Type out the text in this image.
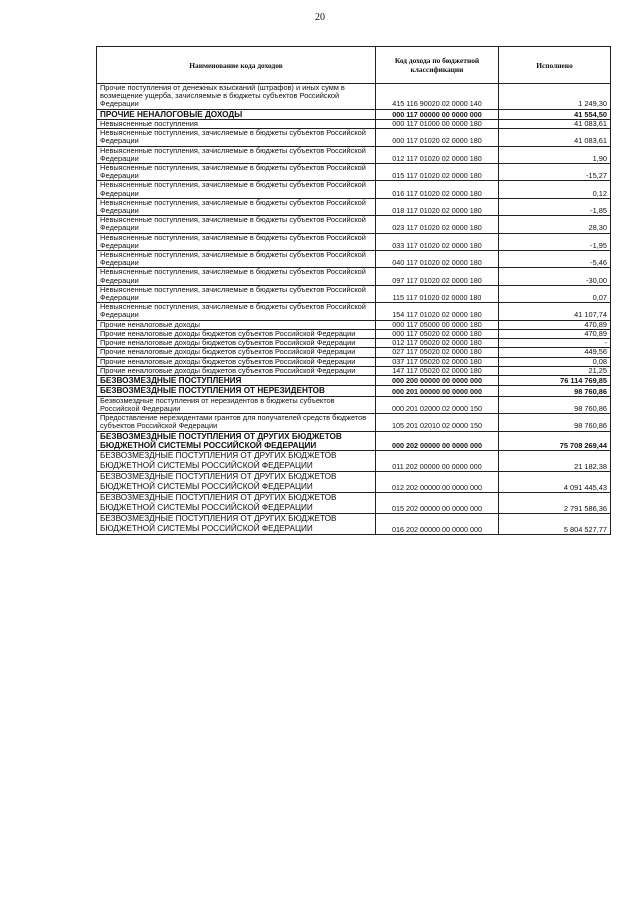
20
Наименование кода доходов	Код дохода по бюджетной классификации	Исполнено
Прочие поступления от денежных взысканий (штрафов) и иных сумм в возмещение ущерба, зачисляемые в бюджеты субъектов Российской Федерации	415 116 90020 02 0000 140	1 249,30
ПРОЧИЕ НЕНАЛОГОВЫЕ ДОХОДЫ	000 117 00000 00 0000 000	41 554,50
Невыясненные поступления	000 117 01000 00 0000 180	41 083,61
Невыясненные поступления, зачисляемые в бюджеты субъектов Российской Федерации	000 117 01020 02 0000 180	41 083,61
Невыясненные поступления, зачисляемые в бюджеты субъектов Российской Федерации	012 117 01020 02 0000 180	1,90
Невыясненные поступления, зачисляемые в бюджеты субъектов Российской Федерации	015 117 01020 02 0000 180	-15,27
Невыясненные поступления, зачисляемые в бюджеты субъектов Российской Федерации	016 117 01020 02 0000 180	0,12
Невыясненные поступления, зачисляемые в бюджеты субъектов Российской Федерации	018 117 01020 02 0000 180	-1,85
Невыясненные поступления, зачисляемые в бюджеты субъектов Российской Федерации	023 117 01020 02 0000 180	28,30
Невыясненные поступления, зачисляемые в бюджеты субъектов Российской Федерации	033 117 01020 02 0000 180	-1,95
Невыясненные поступления, зачисляемые в бюджеты субъектов Российской Федерации	040 117 01020 02 0000 180	-5,46
Невыясненные поступления, зачисляемые в бюджеты субъектов Российской Федерации	097 117 01020 02 0000 180	-30,00
Невыясненные поступления, зачисляемые в бюджеты субъектов Российской Федерации	115 117 01020 02 0000 180	0,07
Невыясненные поступления, зачисляемые в бюджеты субъектов Российской Федерации	154 117 01020 02 0000 180	41 107,74
Прочие неналоговые доходы	000 117 05000 00 0000 180	470,89
Прочие неналоговые доходы бюджетов субъектов Российской Федерации	000 117 05020 02 0000 180	470,89
Прочие неналоговые доходы бюджетов субъектов Российской Федерации	012 117 05020 02 0000 180	-
Прочие неналоговые доходы бюджетов субъектов Российской Федерации	027 117 05020 02 0000 180	449,56
Прочие неналоговые доходы бюджетов субъектов Российской Федерации	037 117 05020 02 0000 180	0,08
Прочие неналоговые доходы бюджетов субъектов Российской Федерации	147 117 05020 02 0000 180	21,25
БЕЗВОЗМЕЗДНЫЕ ПОСТУПЛЕНИЯ	000 200 00000 00 0000 000	76 114 769,85
БЕЗВОЗМЕЗДНЫЕ ПОСТУПЛЕНИЯ ОТ НЕРЕЗИДЕНТОВ	000 201 00000 00 0000 000	98 760,86
Безвозмездные поступления от нерезидентов в бюджеты субъектов Российской Федерации	000 201 02000 02 0000 150	98 760,86
Предоставление нерезидентами грантов для получателей средств бюджетов субъектов Российской Федерации	105 201 02010 02 0000 150	98 760,86
БЕЗВОЗМЕЗДНЫЕ ПОСТУПЛЕНИЯ ОТ ДРУГИХ БЮДЖЕТОВ БЮДЖЕТНОЙ СИСТЕМЫ РОССИЙСКОЙ ФЕДЕРАЦИИ	000 202 00000 00 0000 000	75 708 269,44
БЕЗВОЗМЕЗДНЫЕ ПОСТУПЛЕНИЯ ОТ ДРУГИХ БЮДЖЕТОВ БЮДЖЕТНОЙ СИСТЕМЫ РОССИЙСКОЙ ФЕДЕРАЦИИ	011 202 00000 00 0000 000	21 182,38
БЕЗВОЗМЕЗДНЫЕ ПОСТУПЛЕНИЯ ОТ ДРУГИХ БЮДЖЕТОВ БЮДЖЕТНОЙ СИСТЕМЫ РОССИЙСКОЙ ФЕДЕРАЦИИ	012 202 00000 00 0000 000	4 091 445,43
БЕЗВОЗМЕЗДНЫЕ ПОСТУПЛЕНИЯ ОТ ДРУГИХ БЮДЖЕТОВ БЮДЖЕТНОЙ СИСТЕМЫ РОССИЙСКОЙ ФЕДЕРАЦИИ	015 202 00000 00 0000 000	2 791 586,36
БЕЗВОЗМЕЗДНЫЕ ПОСТУПЛЕНИЯ ОТ ДРУГИХ БЮДЖЕТОВ БЮДЖЕТНОЙ СИСТЕМЫ РОССИЙСКОЙ ФЕДЕРАЦИИ	016 202 00000 00 0000 000	5 804 527,77
